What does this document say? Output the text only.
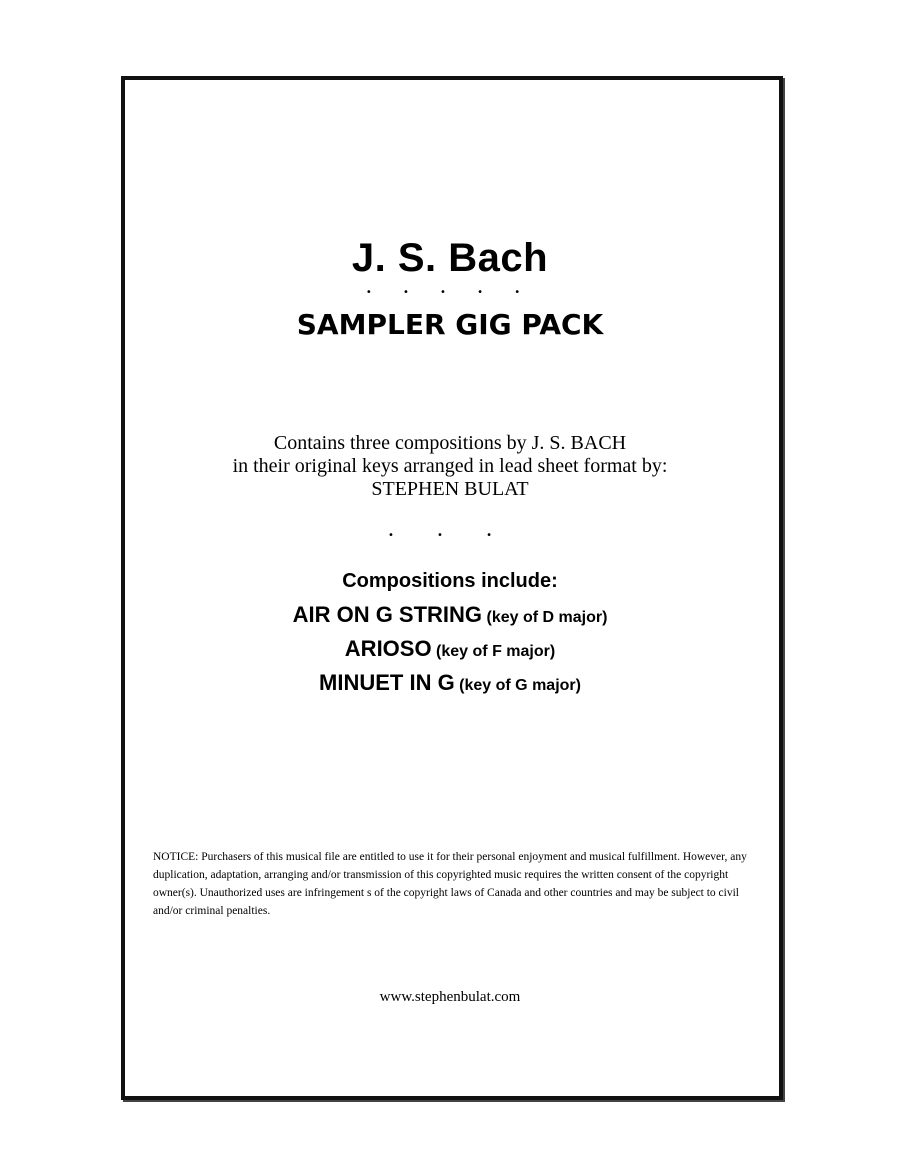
J. S. Bach
• • • • •
SAMPLER GIG PACK
Contains three compositions by J. S. BACH
in their original keys arranged in lead sheet format by:
STEPHEN BULAT
• • •
Compositions include:
AIR ON G STRING (key of D major)
ARIOSO (key of F major)
MINUET IN G (key of G major)
NOTICE: Purchasers of this musical file are entitled to use it for their personal enjoyment and musical fulfillment. However, any duplication, adaptation, arranging and/or transmission of this copyrighted music requires the written consent of the copyright owner(s). Unauthorized uses are infringement s of the copyright laws of Canada and other countries and may be subject to civil and/or criminal penalties.
www.stephenbulat.com
